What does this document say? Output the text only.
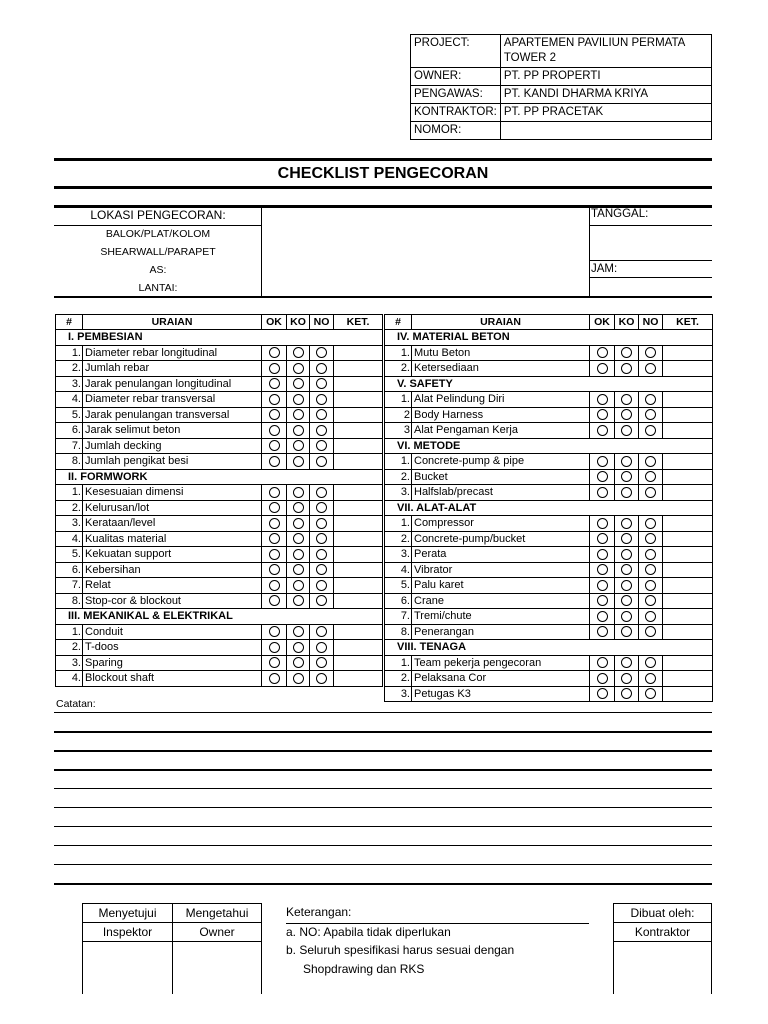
PROJECT:	APARTEMEN PAVILIUN PERMATA TOWER 2
OWNER:	PT. PP PROPERTI
PENGAWAS:	PT. KANDI DHARMA KRIYA
KONTRAKTOR:	PT. PP PRACETAK
NOMOR:	
CHECKLIST PENGECORAN
LOKASI PENGECORAN:
BALOK/PLAT/KOLOM
SHEARWALL/PARAPET
AS:
LANTAI:
TANGGAL:
JAM:
#	URAIAN	OK	KO	NO	KET.
I. PEMBESIAN					
1.	Diameter rebar longitudinal				
2.	Jumlah rebar				
3.	Jarak penulangan longitudinal				
4.	Diameter rebar transversal				
5.	Jarak penulangan transversal				
6.	Jarak selimut beton				
7.	Jumlah decking				
8.	Jumlah pengikat besi				
II. FORMWORK					
1.	Kesesuaian dimensi				
2.	Kelurusan/lot				
3.	Kerataan/level				
4.	Kualitas material				
5.	Kekuatan support				
6.	Kebersihan				
7.	Relat				
8.	Stop-cor & blockout				
III. MEKANIKAL & ELEKTRIKAL					
1.	Conduit				
2.	T-doos				
3.	Sparing				
4.	Blockout shaft				
#	URAIAN	OK	KO	NO	KET.
IV. MATERIAL BETON					
1.	Mutu Beton				
2.	Ketersediaan				
V. SAFETY					
1.	Alat Pelindung Diri				
2	Body Harness				
3	Alat Pengaman Kerja				
VI. METODE					
1.	Concrete-pump & pipe				
2.	Bucket				
3.	Halfslab/precast				
VII. ALAT-ALAT					
1.	Compressor				
2.	Concrete-pump/bucket				
3.	Perata				
4.	Vibrator				
5.	Palu karet				
6.	Crane				
7.	Tremi/chute				
8.	Penerangan				
VIII. TENAGA					
1.	Team pekerja pengecoran				
2.	Pelaksana Cor				
3.	Petugas K3				
Catatan:
Menyetujui	Mengetahui
Inspektor	Owner

Keterangan:
a. NO: Apabila tidak diperlukan
b. Seluruh spesifikasi harus sesuai dengan
Shopdrawing dan RKS
Dibuat oleh:
Kontraktor
